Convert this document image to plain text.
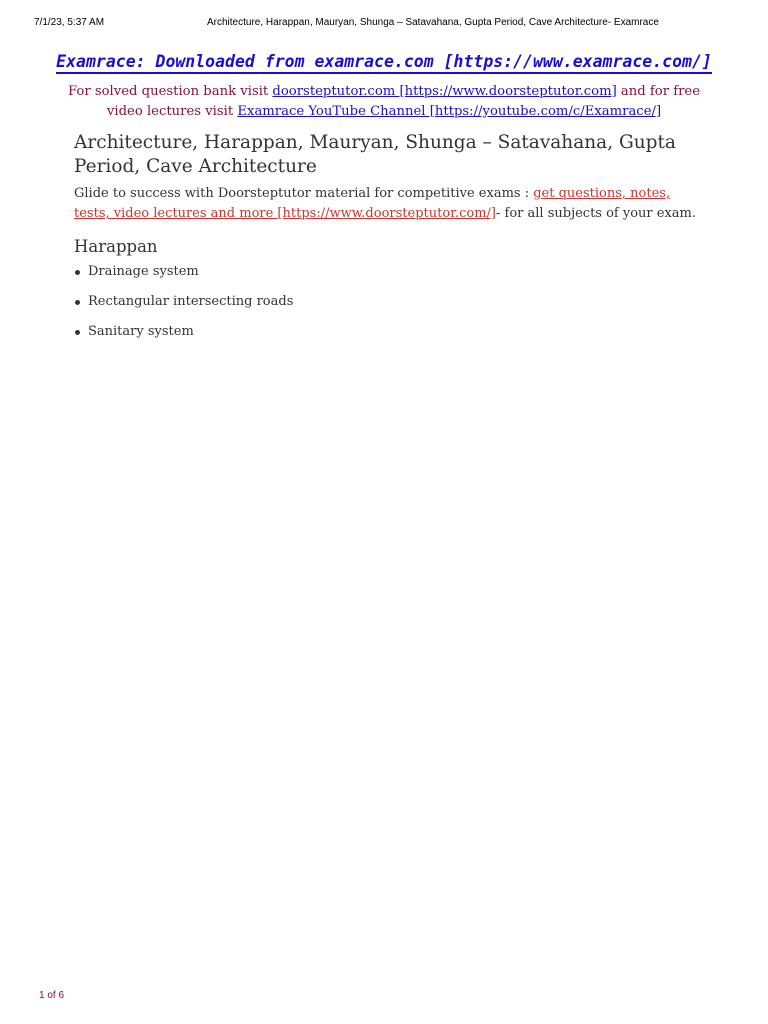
7/1/23, 5:37 AM	Architecture, Harappan, Mauryan, Shunga – Satavahana, Gupta Period, Cave Architecture- Examrace
Examrace: Downloaded from examrace.com [https://www.examrace.com/]
For solved question bank visit doorsteptutor.com [https://www.doorsteptutor.com] and for free video lectures visit Examrace YouTube Channel [https://youtube.com/c/Examrace/]
Architecture, Harappan, Mauryan, Shunga – Satavahana, Gupta Period, Cave Architecture

Glide to success with Doorsteptutor material for competitive exams : get questions, notes, tests, video lectures and more [https://www.doorsteptutor.com/]- for all subjects of your exam.

Harappan
Drainage system
Rectangular intersecting roads
Sanitary system
1 of 6
